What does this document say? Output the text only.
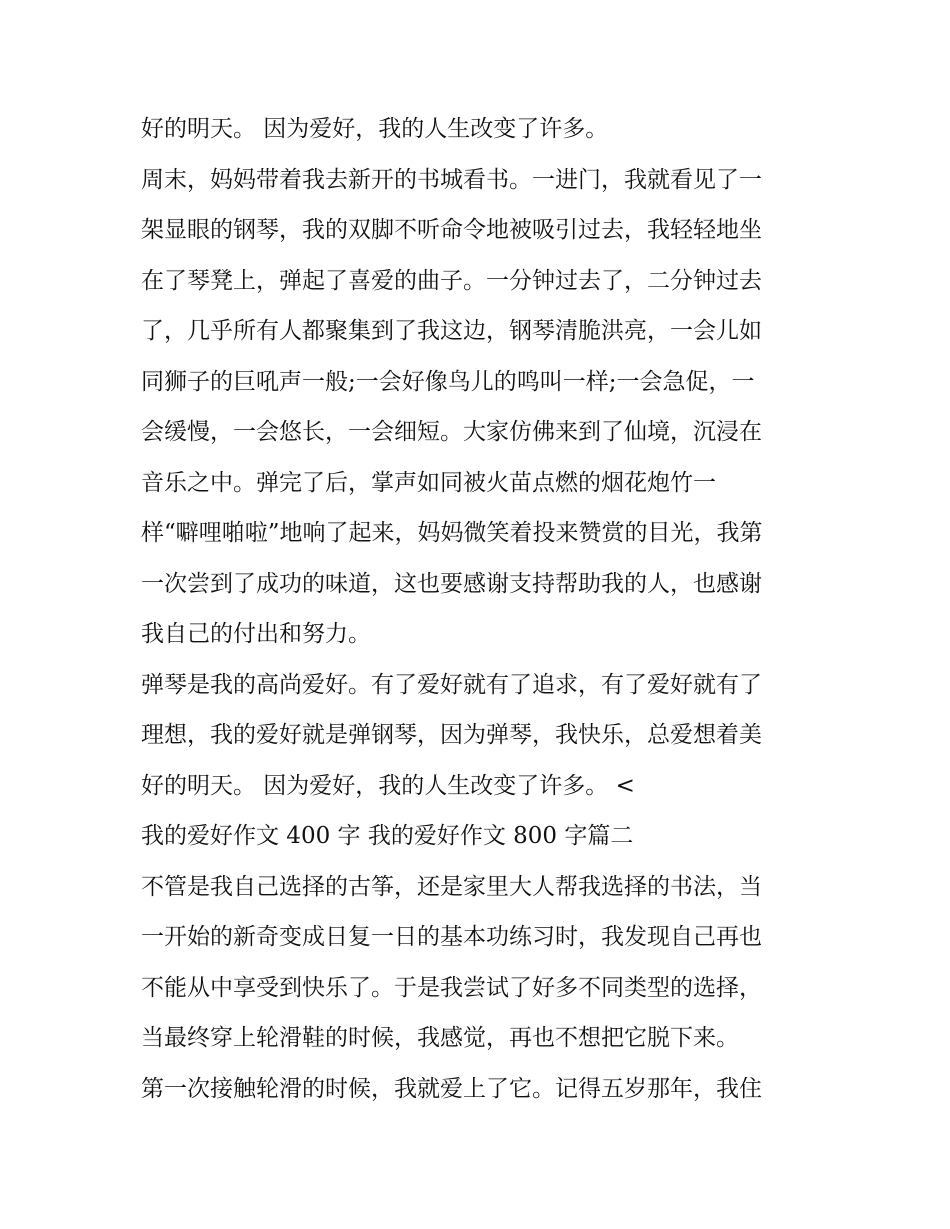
好的明天。 因为爱好，我的人生改变了许多。
周末，妈妈带着我去新开的书城看书。一进门，我就看见了一
架显眼的钢琴，我的双脚不听命令地被吸引过去，我轻轻地坐
在了琴凳上，弹起了喜爱的曲子。一分钟过去了，二分钟过去
了，几乎所有人都聚集到了我这边，钢琴清脆洪亮，一会儿如
同狮子的巨吼声一般;一会好像鸟儿的鸣叫一样;一会急促，一
会缓慢，一会悠长，一会细短。大家仿佛来到了仙境，沉浸在
音乐之中。弹完了后，掌声如同被火苗点燃的烟花炮竹一
样“噼哩啪啦”地响了起来，妈妈微笑着投来赞赏的目光，我第
一次尝到了成功的味道，这也要感谢支持帮助我的人，也感谢
我自己的付出和努力。
弹琴是我的高尚爱好。有了爱好就有了追求，有了爱好就有了
理想，我的爱好就是弹钢琴，因为弹琴，我快乐，总爱想着美
好的明天。 因为爱好，我的人生改变了许多。 <
我的爱好作文 400 字 我的爱好作文 800 字篇二
不管是我自己选择的古筝，还是家里大人帮我选择的书法，当
一开始的新奇变成日复一日的基本功练习时，我发现自己再也
不能从中享受到快乐了。于是我尝试了好多不同类型的选择，
当最终穿上轮滑鞋的时候，我感觉，再也不想把它脱下来。
第一次接触轮滑的时候，我就爱上了它。记得五岁那年，我住
